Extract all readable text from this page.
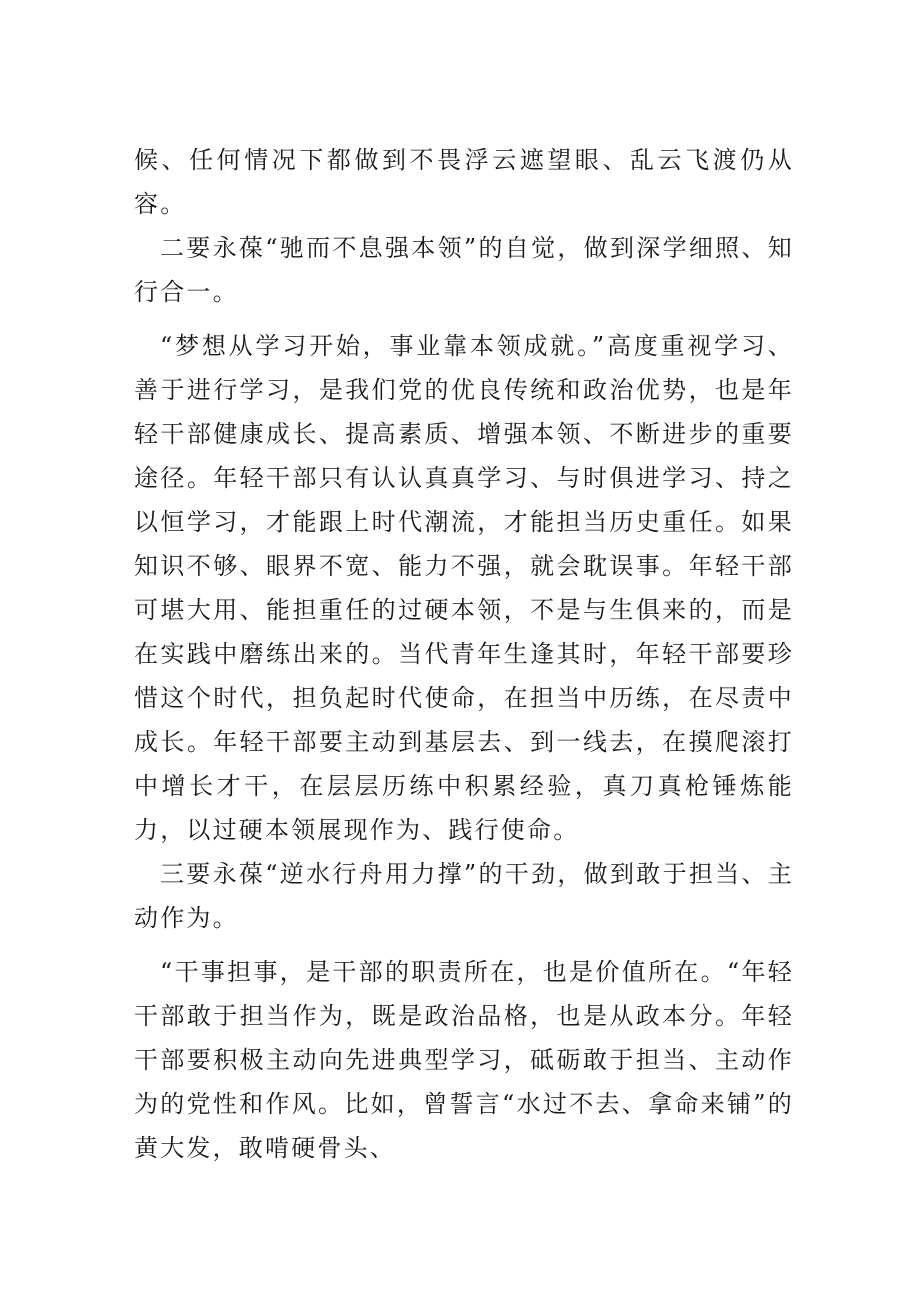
候、任何情况下都做到不畏浮云遮望眼、乱云飞渡仍从容。

二要永葆“驰而不息强本领”的自觉，做到深学细照、知行合一。

“梦想从学习开始，事业靠本领成就。”高度重视学习、善于进行学习，是我们党的优良传统和政治优势，也是年轻干部健康成长、提高素质、增强本领、不断进步的重要途径。年轻干部只有认认真真学习、与时俱进学习、持之以恒学习，才能跟上时代潮流，才能担当历史重任。如果知识不够、眼界不宽、能力不强，就会耽误事。年轻干部可堪大用、能担重任的过硬本领，不是与生俱来的，而是在实践中磨练出来的。当代青年生逢其时，年轻干部要珍惜这个时代，担负起时代使命，在担当中历练，在尽责中成长。年轻干部要主动到基层去、到一线去，在摸爬滚打中增长才干，在层层历练中积累经验，真刀真枪锤炼能力，以过硬本领展现作为、践行使命。

三要永葆“逆水行舟用力撑”的干劲，做到敢于担当、主动作为。

“干事担事，是干部的职责所在，也是价值所在。“年轻干部敢于担当作为，既是政治品格，也是从政本分。年轻干部要积极主动向先进典型学习，砥砺敢于担当、主动作为的党性和作风。比如，曾誓言“水过不去、拿命来铺”的黄大发，敢啃硬骨头、
